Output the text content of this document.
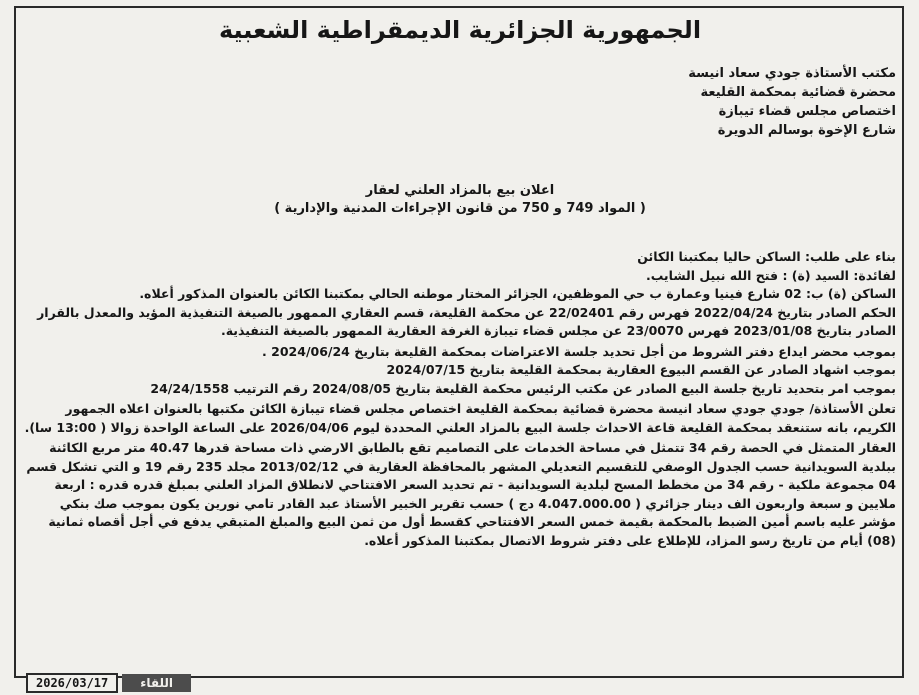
الجمهورية الجزائرية الديمقراطية الشعبية
مكتب الأستاذة جودي سعاد انيسة
محضرة قضائية بمحكمة القليعة
اختصاص مجلس قضاء تيبازة
شارع الإخوة بوسالم الدويرة
اعلان بيع بالمزاد العلني لعقار
( المواد 749 و 750 من قانون الإجراءات المدنية والإدارية )

بناء على طلب: الساكن حاليا بمكتبنا الكائن

لفائدة: السيد (ة) : فتح الله نبيل الشايب.

الساكن (ة) ب: 02 شارع فينيا وعمارة ب حي الموظفين، الجزائر المختار موطنه الحالي بمكتبنا الكائن بالعنوان المذكور أعلاه.

الحكم الصادر بتاريخ 2022/04/24 فهرس رقم 22/02401 عن محكمة القليعة، قسم العقاري الممهور بالصيغة التنفيذية المؤيد والمعدل بالقرار الصادر بتاريخ 2023/01/08 فهرس 23/0070 عن مجلس قضاء تيبازة الغرفة العقارية الممهور بالصيغة التنفيذية.

بموجب محضر ايداع دفتر الشروط من أجل تحديد جلسة الاعتراضات بمحكمة القليعة بتاريخ 2024/06/24 .

بموجب اشهاد الصادر عن القسم البيوع العقارية بمحكمة القليعة بتاريخ 2024/07/15

بموجب امر بتحديد تاريخ جلسة البيع الصادر عن مكتب الرئيس محكمة القليعة بتاريخ 2024/08/05 رقم الترتيب 24/24/1558

تعلن الأستاذة/ جودي جودي سعاد انيسة محضرة قضائية بمحكمة القليعة اختصاص مجلس قضاء تيبازة الكائن مكتبها بالعنوان اعلاه الجمهور الكريم، بانه ستنعقد بمحكمة القليعة قاعة الاحداث جلسة البيع بالمزاد العلني المحددة ليوم 2026/04/06 على الساعة الواحدة زوالا ( 13:00 سا).

العقار المتمثل في الحصة رقم 34 تتمثل في مساحة الخدمات على التصاميم تقع بالطابق الارضي ذات مساحة قدرها 40.47 متر مربع الكائنة ببلدية السويدانية حسب الجدول الوصفي للتقسيم التعديلي المشهر بالمحافظة العقارية في 2013/02/12 مجلد 235 رقم 19 و التي تشكل قسم 04 مجموعة ملكية - رقم 34 من مخطط المسح لبلدية السويدانية - تم تحديد السعر الافتتاحي لانطلاق المزاد العلني بمبلغ قدره قدره : اربعة ملايين و سبعة واربعون الف دينار جزائري ( 4.047.000.00 دج ) حسب تقرير الخبير الأستاذ عبد القادر تامي نورين يكون بموجب صك بنكي مؤشر عليه باسم أمين الضبط بالمحكمة بقيمة خمس السعر الافتتاحي كقسط أول من ثمن البيع والمبلغ المتبقي يدفع في أجل أقصاه ثمانية (08) أيام من تاريخ رسو المزاد، للإطلاع على دفتر شروط الاتصال بمكتبنا المذكور أعلاه.

2026/03/17	اللقاء
